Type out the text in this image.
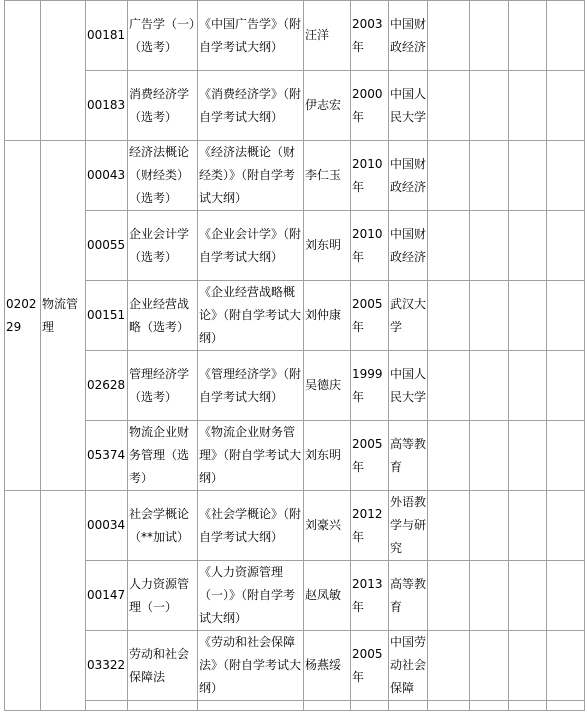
		00181	广告学（一）（选考）	《中国广告学》（附自学考试大纲）	汪洋	2003年	中国财政经济				
		00183	消费经济学（选考）	《消费经济学》（附自学考试大纲）	伊志宏	2000年	中国人民大学				
020229	物流管理	00043	经济法概论（财经类）（选考）	《经济法概论（财经类）》（附自学考试大纲）	李仁玉	2010年	中国财政经济				
		00055	企业会计学（选考）	《企业会计学》（附自学考试大纲）	刘东明	2010年	中国财政经济				
		00151	企业经营战略（选考）	《企业经营战略概论》（附自学考试大纲）	刘仲康	2005年	武汉大学				
		02628	管理经济学（选考）	《管理经济学》（附自学考试大纲）	吴德庆	1999年	中国人民大学				
		05374	物流企业财务管理（选考）	《物流企业财务管理》（附自学考试大纲）	刘东明	2005年	高等教育				
		00034	社会学概论（**加试）	《社会学概论》（附自学考试大纲）	刘豪兴	2012年	外语教学与研究				
		00147	人力资源管理（一）	《人力资源管理（一）》（附自学考试大纲）	赵凤敏	2013年	高等教育				
		03322	劳动和社会保障法	《劳动和社会保障法》（附自学考试大纲）	杨燕绥	2005年	中国劳动社会保障				
